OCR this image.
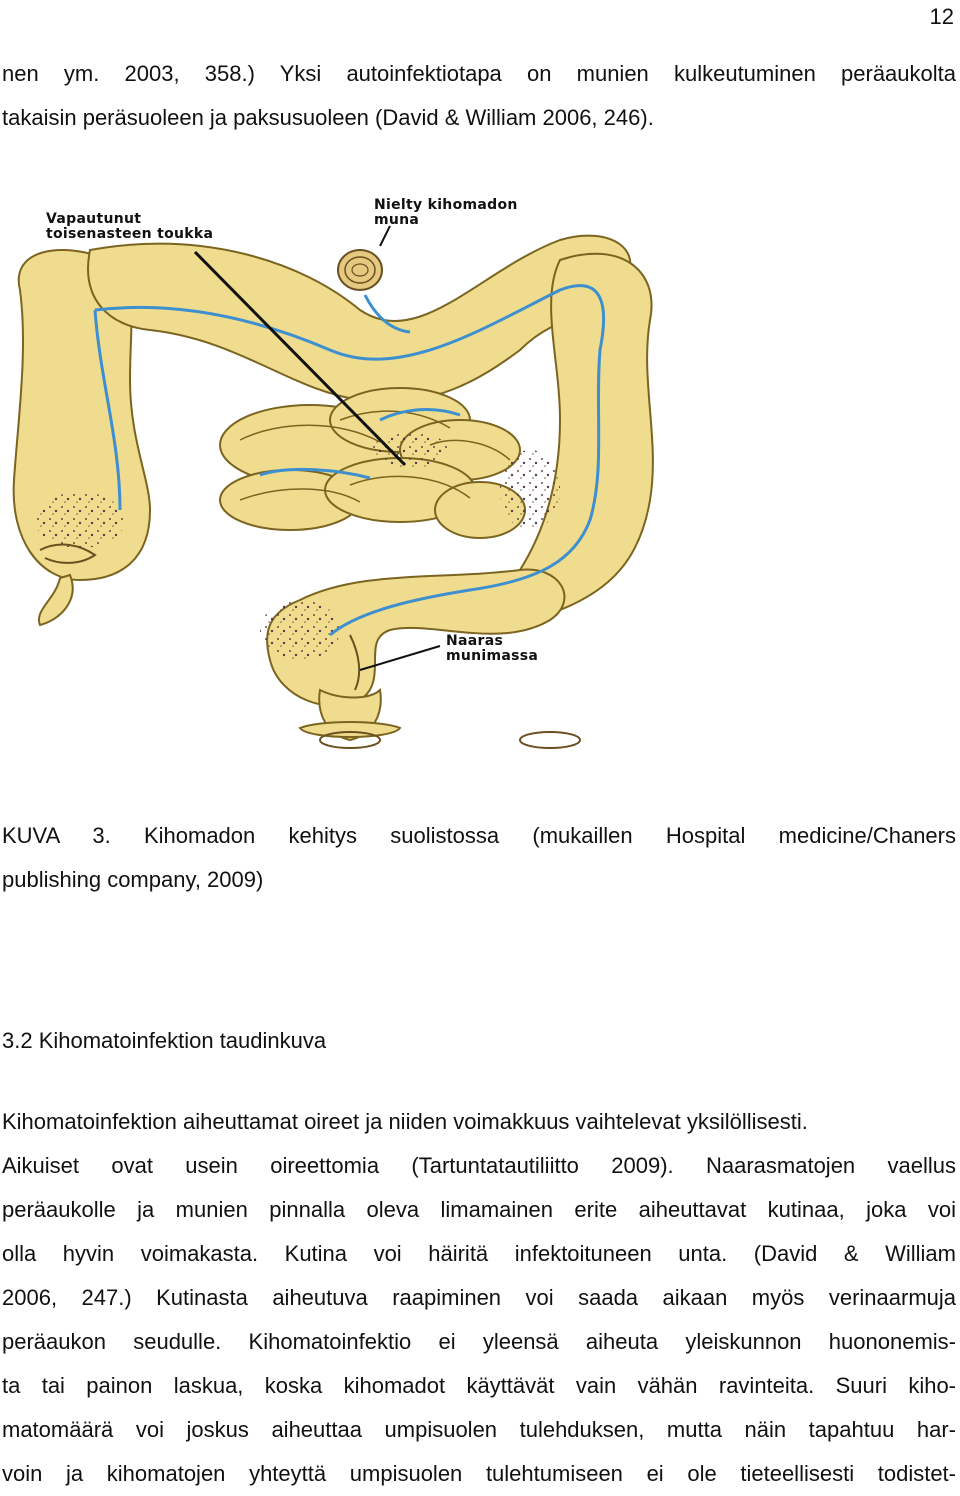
12
nen ym. 2003, 358.) Yksi autoinfektiotapa on munien kulkeutuminen peräaukolta
takaisin peräsuoleen ja paksusuoleen (David & William 2006, 246).
Vapautunut
toisenasteen toukka
Nielty kihomadon
muna
Naaras
munimassa
KUVA 3. Kihomadon kehitys suolistossa (mukaillen Hospital medicine/Chaners
publishing company, 2009)
3.2 Kihomatoinfektion taudinkuva
Kihomatoinfektion aiheuttamat oireet ja niiden voimakkuus vaihtelevat yksilöllisesti.
Aikuiset ovat usein oireettomia (Tartuntatautiliitto 2009). Naarasmatojen vaellus
peräaukolle ja munien pinnalla oleva limamainen erite aiheuttavat kutinaa, joka voi
olla hyvin voimakasta. Kutina voi häiritä infektoituneen unta. (David & William
2006, 247.) Kutinasta aiheutuva raapiminen voi saada aikaan myös verinaarmuja
peräaukon seudulle. Kihomatoinfektio ei yleensä aiheuta yleiskunnon huononemis-
ta tai painon laskua, koska kihomadot käyttävät vain vähän ravinteita. Suuri kiho-
matomäärä voi joskus aiheuttaa umpisuolen tulehduksen, mutta näin tapahtuu har-
voin ja kihomatojen yhteyttä umpisuolen tulehtumiseen ei ole tieteellisesti todistet-
